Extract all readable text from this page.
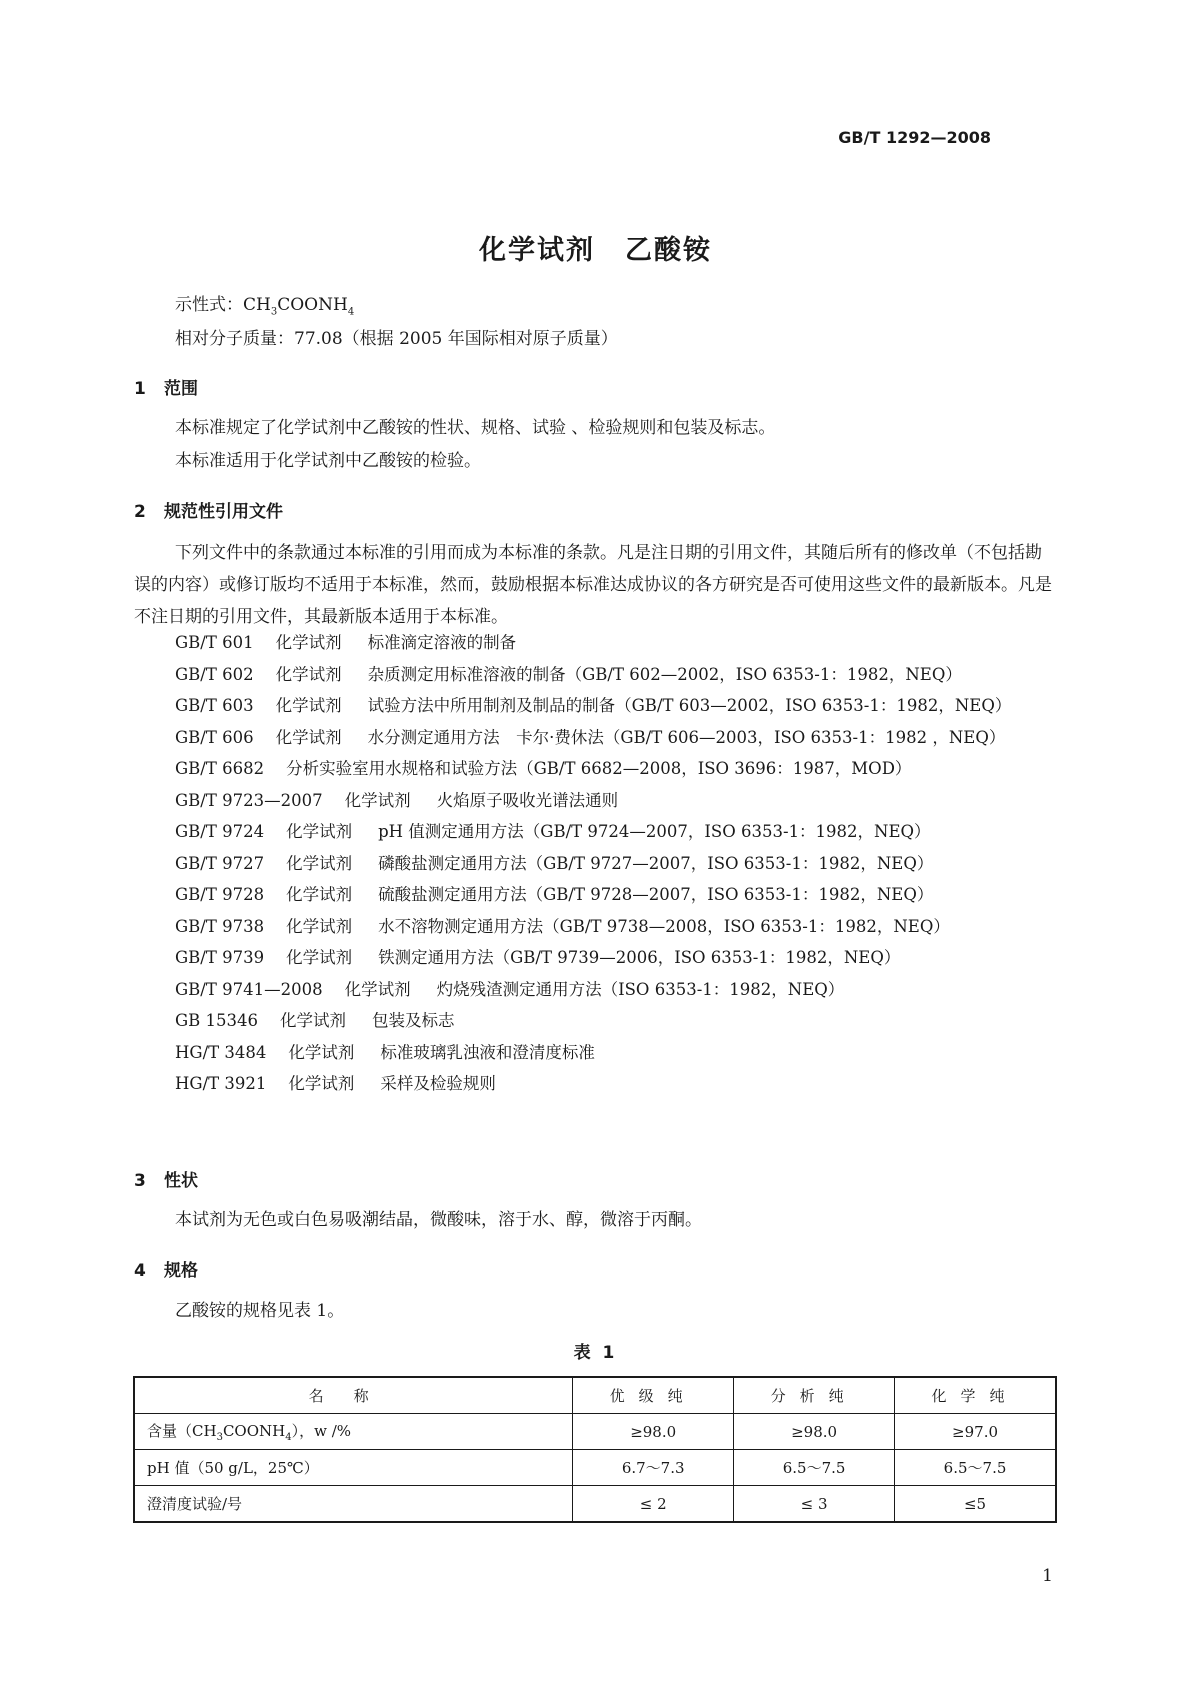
GB/T 1292—2008
化学试剂 乙酸铵
示性式：$CH_3COONH_4$
相对分子质量：77.08（根据 2005 年国际相对原子质量）
1 范围
本标准规定了化学试剂中乙酸铵的性状、规格、试验 、检验规则和包装及标志。
本标准适用于化学试剂中乙酸铵的检验。
2 规范性引用文件
下列文件中的条款通过本标准的引用而成为本标准的条款。凡是注日期的引用文件，其随后所有的修改单（不包括勘误的内容）或修订版均不适用于本标准，然而，鼓励根据本标准达成协议的各方研究是否可使用这些文件的最新版本。凡是不注日期的引用文件，其最新版本适用于本标准。
GB/T 601 化学试剂 标准滴定溶液的制备
GB/T 602 化学试剂 杂质测定用标准溶液的制备（GB/T 602—2002，ISO 6353-1：1982，NEQ）
GB/T 603 化学试剂 试验方法中所用制剂及制品的制备（GB/T 603—2002，ISO 6353-1：1982，NEQ）
GB/T 606 化学试剂 水分测定通用方法　卡尔·费休法（GB/T 606—2003，ISO 6353-1：1982 ，NEQ）
GB/T 6682 分析实验室用水规格和试验方法（GB/T 6682—2008，ISO 3696：1987，MOD）
GB/T 9723—2007 化学试剂 火焰原子吸收光谱法通则
GB/T 9724 化学试剂 pH 值测定通用方法（GB/T 9724—2007，ISO 6353-1：1982，NEQ）
GB/T 9727 化学试剂 磷酸盐测定通用方法（GB/T 9727—2007，ISO 6353-1：1982，NEQ）
GB/T 9728 化学试剂 硫酸盐测定通用方法（GB/T 9728—2007，ISO 6353-1：1982，NEQ）
GB/T 9738 化学试剂 水不溶物测定通用方法（GB/T 9738—2008，ISO 6353-1：1982，NEQ）
GB/T 9739 化学试剂 铁测定通用方法（GB/T 9739—2006，ISO 6353-1：1982，NEQ）
GB/T 9741—2008 化学试剂 灼烧残渣测定通用方法（ISO 6353-1：1982，NEQ）
GB 15346 化学试剂 包装及标志
HG/T 3484 化学试剂 标准玻璃乳浊液和澄清度标准
HG/T 3921 化学试剂 采样及检验规则
3 性状
本试剂为无色或白色易吸潮结晶，微酸味，溶于水、醇，微溶于丙酮。
4 规格
乙酸铵的规格见表 1。
表 1
名称	优级纯	分析纯	化学纯
含量$(CH_3COONH_4)$，w /%	≥98.0	≥98.0	≥97.0
pH 值（50 g/L，25℃）	6.7～7.3	6.5～7.5	6.5～7.5
澄清度试验/号	≤ 2	≤ 3	≤5
1
